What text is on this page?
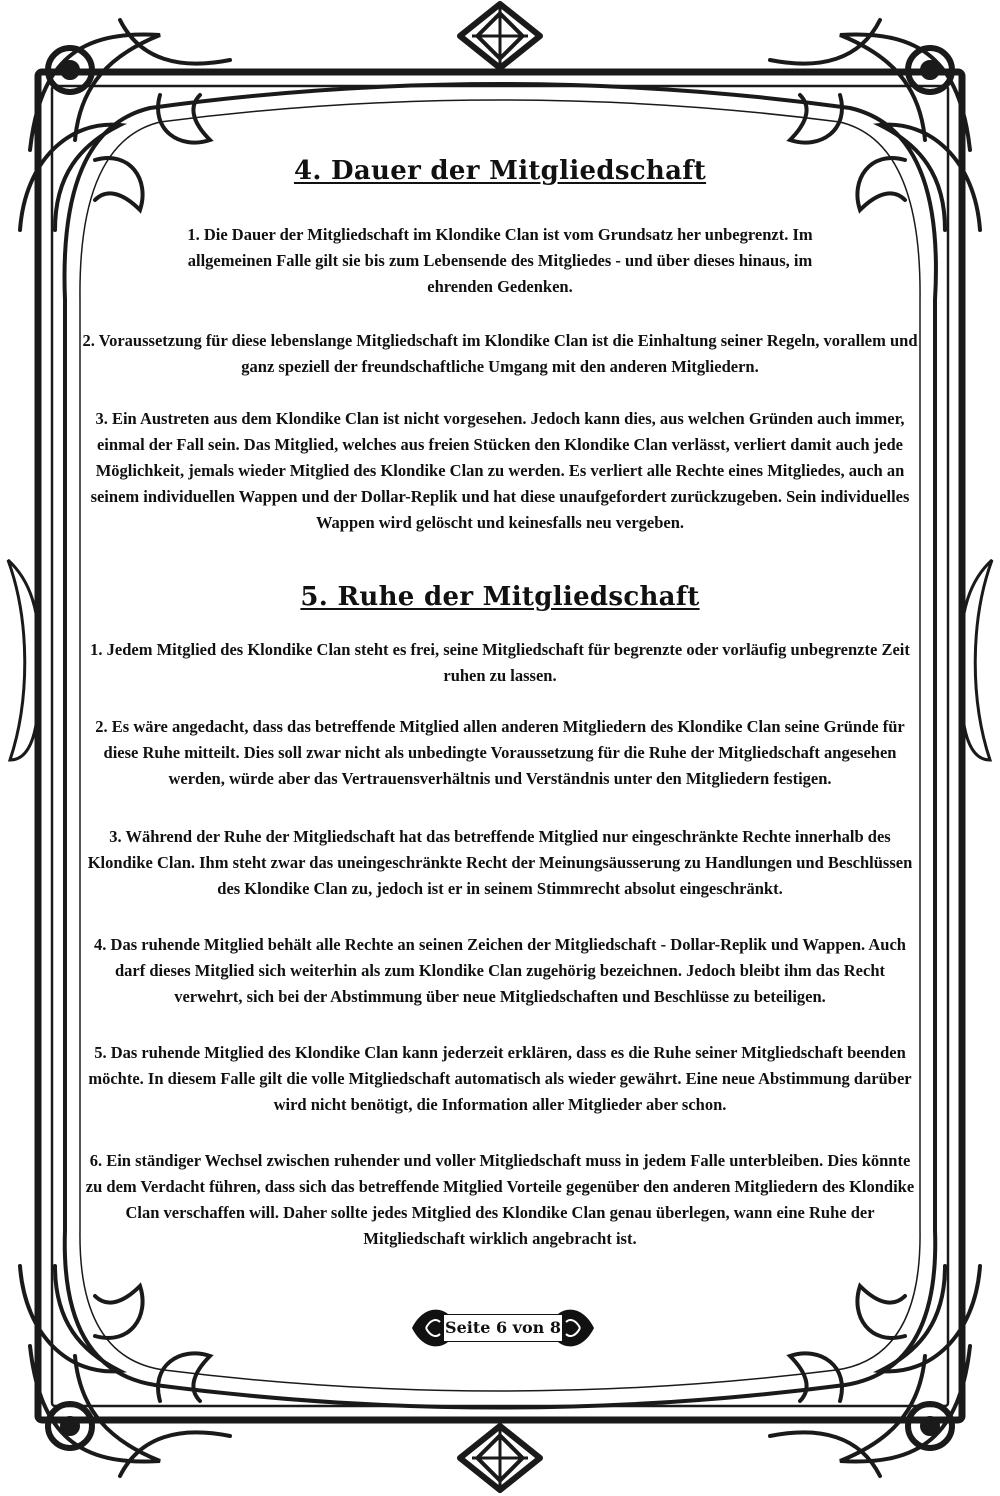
4. Dauer der Mitgliedschaft

1. Die Dauer der Mitgliedschaft im Klondike Clan ist vom Grundsatz her unbegrenzt. Im allgemeinen Falle gilt sie bis zum Lebensende des Mitgliedes - und über dieses hinaus, im ehrenden Gedenken.

2. Voraussetzung für diese lebenslange Mitgliedschaft im Klondike Clan ist die Einhaltung seiner Regeln, vorallem und ganz speziell der freundschaftliche Umgang mit den anderen Mitgliedern.

3. Ein Austreten aus dem Klondike Clan ist nicht vorgesehen. Jedoch kann dies, aus welchen Gründen auch immer, einmal der Fall sein. Das Mitglied, welches aus freien Stücken den Klondike Clan verlässt, verliert damit auch jede Möglichkeit, jemals wieder Mitglied des Klondike Clan zu werden. Es verliert alle Rechte eines Mitgliedes, auch an seinem individuellen Wappen und der Dollar-Replik und hat diese unaufgefordert zurückzugeben. Sein individuelles Wappen wird gelöscht und keinesfalls neu vergeben.

5. Ruhe der Mitgliedschaft

1. Jedem Mitglied des Klondike Clan steht es frei, seine Mitgliedschaft für begrenzte oder vorläufig unbegrenzte Zeit ruhen zu lassen.

2. Es wäre angedacht, dass das betreffende Mitglied allen anderen Mitgliedern des Klondike Clan seine Gründe für diese Ruhe mitteilt. Dies soll zwar nicht als unbedingte Voraussetzung für die Ruhe der Mitgliedschaft angesehen werden, würde aber das Vertrauensverhältnis und Verständnis unter den Mitgliedern festigen.

3. Während der Ruhe der Mitgliedschaft hat das betreffende Mitglied nur eingeschränkte Rechte innerhalb des Klondike Clan. Ihm steht zwar das uneingeschränkte Recht der Meinungsäusserung zu Handlungen und Beschlüssen des Klondike Clan zu, jedoch ist er in seinem Stimmrecht absolut eingeschränkt.

4. Das ruhende Mitglied behält alle Rechte an seinen Zeichen der Mitgliedschaft - Dollar-Replik und Wappen. Auch darf dieses Mitglied sich weiterhin als zum Klondike Clan zugehörig bezeichnen. Jedoch bleibt ihm das Recht verwehrt, sich bei der Abstimmung über neue Mitgliedschaften und Beschlüsse zu beteiligen.

5. Das ruhende Mitglied des Klondike Clan kann jederzeit erklären, dass es die Ruhe seiner Mitgliedschaft beenden möchte. In diesem Falle gilt die volle Mitgliedschaft automatisch als wieder gewährt. Eine neue Abstimmung darüber wird nicht benötigt, die Information aller Mitglieder aber schon.

6. Ein ständiger Wechsel zwischen ruhender und voller Mitgliedschaft muss in jedem Falle unterbleiben. Dies könnte zu dem Verdacht führen, dass sich das betreffende Mitglied Vorteile gegenüber den anderen Mitgliedern des Klondike Clan verschaffen will. Daher sollte jedes Mitglied des Klondike Clan genau überlegen, wann eine Ruhe der Mitgliedschaft wirklich angebracht ist.

Seite 6 von 8
